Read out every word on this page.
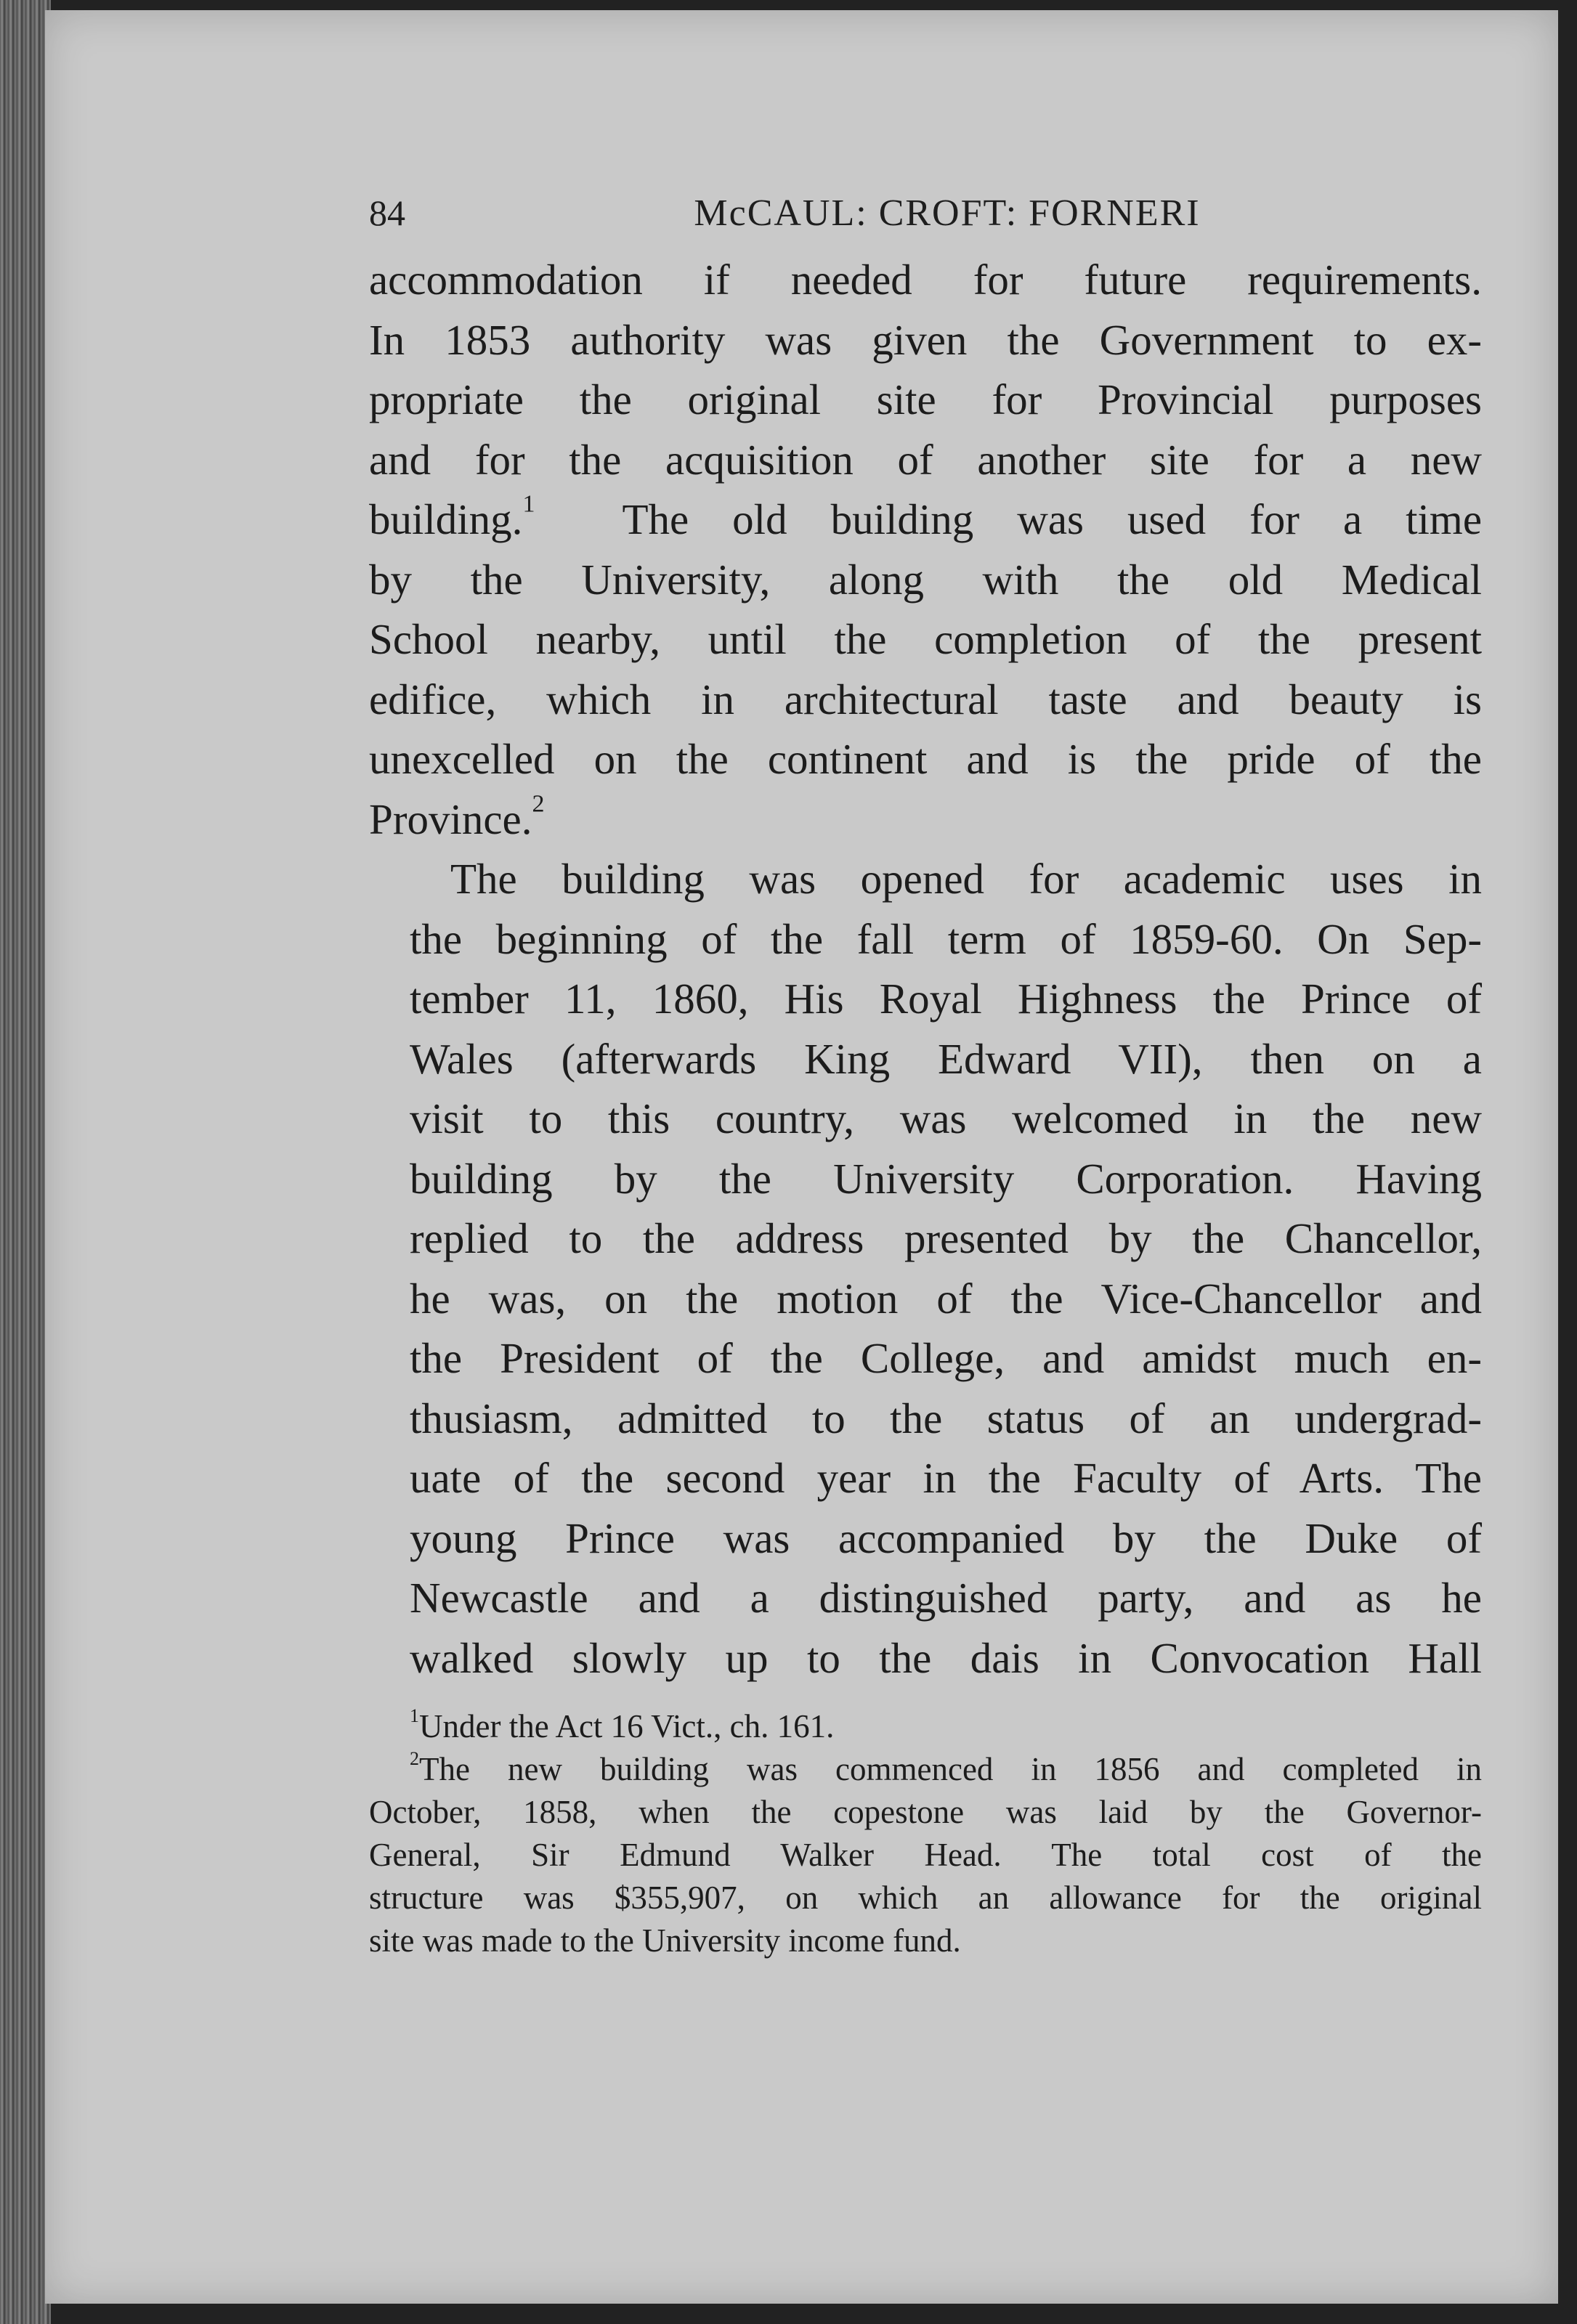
84	McCAUL: CROFT: FORNERI

accommodation if needed for future requirements.
In 1853 authority was given the Government to ex-
propriate the original site for Provincial purposes
and for the acquisition of another site for a new
building.$^1$ The old building was used for a time
by the University, along with the old Medical
School nearby, until the completion of the present
edifice, which in architectural taste and beauty is
unexcelled on the continent and is the pride of the
Province.$^2$

The building was opened for academic uses in
the beginning of the fall term of 1859-60. On Sep-
tember 11, 1860, His Royal Highness the Prince of
Wales (afterwards King Edward VII), then on a
visit to this country, was welcomed in the new
building by the University Corporation. Having
replied to the address presented by the Chancellor,
he was, on the motion of the Vice-Chancellor and
the President of the College, and amidst much en-
thusiasm, admitted to the status of an undergrad-
uate of the second year in the Faculty of Arts. The
young Prince was accompanied by the Duke of
Newcastle and a distinguished party, and as he
walked slowly up to the dais in Convocation Hall

$^1$Under the Act 16 Vict., ch. 161.
$^2$The new building was commenced in 1856 and completed in
October, 1858, when the copestone was laid by the Governor-
General, Sir Edmund Walker Head. The total cost of the
structure was $355,907, on which an allowance for the original
site was made to the University income fund.
